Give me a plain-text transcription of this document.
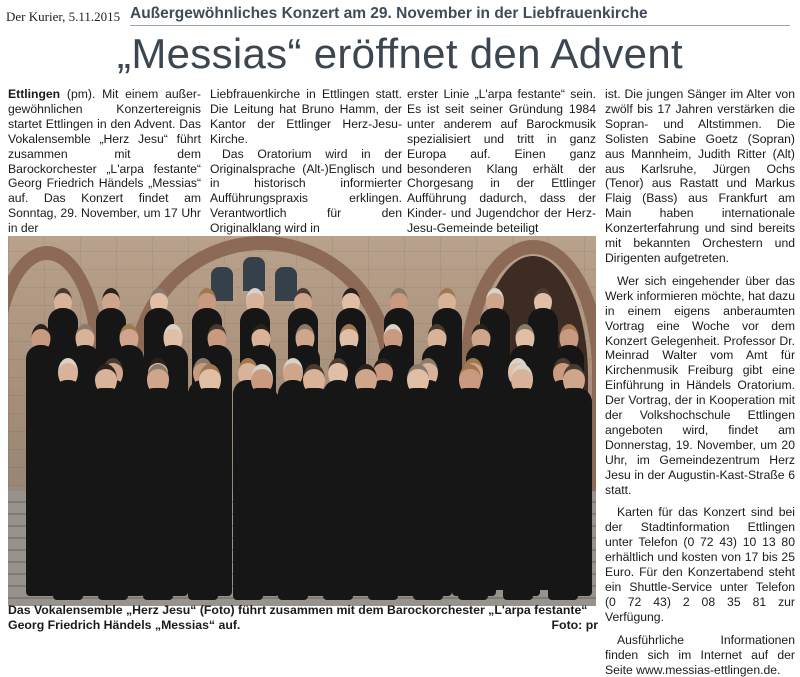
Der Kurier, 5.11.2015 Außergewöhnliches Konzert am 29. November in der Liebfrauenkirche
„Messias“ eröffnet den Advent

Ettlingen (pm). Mit einem außer-gewöhnlichen Konzertereignis startet Ettlingen in den Advent. Das Vokalensemble „Herz Jesu“ führt zusammen mit dem Barockorchester „L'arpa festante“ Georg Friedrich Händels „Messias“ auf. Das Konzert findet am Sonntag, 29. November, um 17 Uhr in der

Liebfrauenkirche in Ettlingen statt. Die Leitung hat Bruno Hamm, der Kantor der Ettlinger Herz-Jesu-Kirche.

Das Oratorium wird in der Originalsprache (Alt-)Englisch und in historisch informierter Aufführungspraxis erklingen. Verantwortlich für den Originalklang wird in

erster Linie „L'arpa festante“ sein. Es ist seit seiner Gründung 1984 unter anderem auf Barockmusik spezialisiert und tritt in ganz Europa auf. Einen ganz besonderen Klang erhält der Chorgesang in der Ettlinger Aufführung dadurch, dass der Kinder- und Jugendchor der Herz-Jesu-Gemeinde beteiligt

ist. Die jungen Sänger im Alter von zwölf bis 17 Jahren verstärken die Sopran- und Altstimmen. Die Solisten Sabine Goetz (Sopran) aus Mannheim, Judith Ritter (Alt) aus Karlsruhe, Jürgen Ochs (Tenor) aus Rastatt und Markus Flaig (Bass) aus Frankfurt am Main haben internationale Konzerterfahrung und sind bereits mit bekannten Orchestern und Dirigenten aufgetreten.

Wer sich eingehender über das Werk informieren möchte, hat dazu in einem eigens anberaumten Vortrag eine Woche vor dem Konzert Gelegenheit. Professor Dr. Meinrad Walter vom Amt für Kirchenmusik Freiburg gibt eine Einführung in Händels Oratorium. Der Vortrag, der in Kooperation mit der Volkshochschule Ettlingen angeboten wird, findet am Donnerstag, 19. November, um 20 Uhr, im Gemeindezentrum Herz Jesu in der Augustin-Kast-Straße 6 statt.

Karten für das Konzert sind bei der Stadtinformation Ettlingen unter Telefon (0 72 43) 10 13 80 erhältlich und kosten von 17 bis 25 Euro. Für den Konzertabend steht ein Shuttle-Service unter Telefon (0 72 43) 2 08 35 81 zur Verfügung.

Ausführliche Informationen finden sich im Internet auf der Seite www.messias-ettlingen.de.

Das Vokalensemble „Herz Jesu“ (Foto) führt zusammen mit dem Barockorchester „L'arpa festante“ Georg Friedrich Händels „Messias“ auf.	Foto: pr
